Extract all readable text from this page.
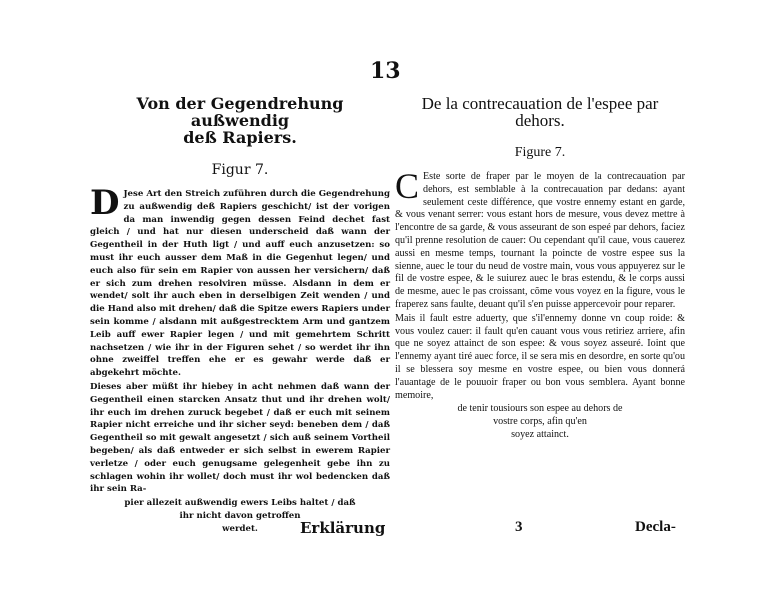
13

Von der Gegendrehung außwendig
deß Rapiers.

Figur 7.

D Jese Art den Streich zuführen durch die Gegendrehung zu außwendig deß Rapiers geschicht/ ist der vorigen da man inwendig gegen dessen Feind dechet fast gleich / und hat nur diesen underscheid daß wann der Gegentheil in der Huth ligt / und auff euch anzusetzen: so must ihr euch ausser dem Maß in die Gegenhut legen/ und euch also für sein em Rapier von aussen her versichern/ daß er sich zum drehen resolviren müsse. Alsdann in dem er wendet/ solt ihr auch eben in derselbigen Zeit wenden / und die Hand also mit drehen/ daß die Spitze ewers Rapiers under sein komme / alsdann mit außgestrecktem Arm und gantzem Leib auff ewer Rapier legen / und mit gemehrtem Schritt nachsetzen / wie ihr in der Figuren sehet / so werdet ihr ihn ohne zweiffel treffen ehe er es gewahr werde daß er abgekehrt möchte.

Dieses aber müßt ihr hiebey in acht nehmen daß wann der Gegentheil einen starcken Ansatz thut und ihr drehen wolt/ ihr euch im drehen zuruck begebet / daß er euch mit seinem Rapier nicht erreiche und ihr sicher seyd: beneben dem / daß Gegentheil so mit gewalt angesetzt / sich auß seinem Vortheil begeben/ als daß entweder er sich selbst in ewerem Rapier verletze / oder euch genugsame gelegenheit gebe ihn zu schlagen wohin ihr wollet/ doch must ihr wol bedencken daß ihr sein Ra-

pier allezeit außwendig ewers Leibs haltet / daß
ihr nicht davon getroffen
werdet.

De la contrecauation de l'espee par
dehors.

Figure 7.

C Este sorte de fraper par le moyen de la contrecauation par dehors, est semblable à la contrecauation par dedans: ayant seulement ceste différence, que vostre ennemy estant en garde, & vous venant serrer: vous estant hors de mesure, vous devez mettre à l'encontre de sa garde, & vous asseurant de son espeé par dehors, faciez qu'il prenne resolution de cauer: Ou cependant qu'il caue, vous cauerez aussi en mesme temps, tournant la poincte de vostre espee sus la sienne, auec le tour du neud de vostre main, vous vous appuyerez sur le fil de vostre espee, & le suiurez auec le bras estendu, & le corps aussi de mesme, auec le pas croissant, cõme vous voyez en la figure, vous le fraperez sans faulte, deuant qu'il s'en puisse appercevoir pour reparer.

Mais il fault estre aduerty, que s'il'ennemy donne vn coup roide: & vous voulez cauer: il fault qu'en cauant vous vous retiriez arriere, afin que ne soyez attainct de son espee: & vous soyez asseuré. Ioint que l'ennemy ayant tiré auec force, il se sera mis en desordre, en sorte qu'ou il se blessera soy mesme en vostre espee, ou bien vous donnerá l'auantage de le pouuoir fraper ou bon vous semblera. Ayant bonne memoire,

de tenir tousiours son espee au dehors de
vostre corps, afin qu'en
soyez attainct.
Erklärung	3	Decla-
